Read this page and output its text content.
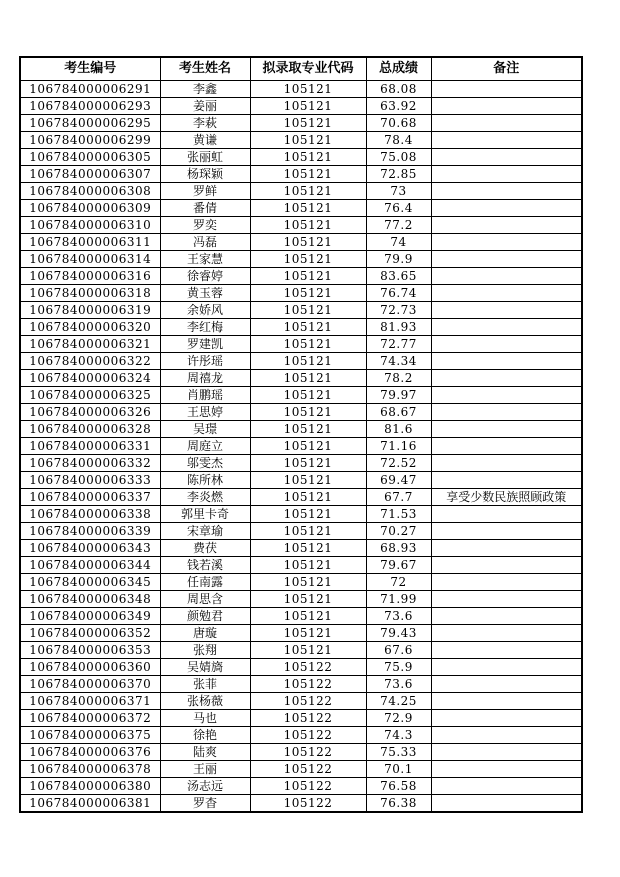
考生编号	考生姓名	拟录取专业代码	总成绩	备注
106784000006291	李鑫	105121	68.08	
106784000006293	姜丽	105121	63.92	
106784000006295	李萩	105121	70.68	
106784000006299	黄谦	105121	78.4	
106784000006305	张丽虹	105121	75.08	
106784000006307	杨琛颖	105121	72.85	
106784000006308	罗鲜	105121	73	
106784000006309	番倩	105121	76.4	
106784000006310	罗奕	105121	77.2	
106784000006311	冯磊	105121	74	
106784000006314	王家慧	105121	79.9	
106784000006316	徐睿婷	105121	83.65	
106784000006318	黄玉蓉	105121	76.74	
106784000006319	余娇风	105121	72.73	
106784000006320	李红梅	105121	81.93	
106784000006321	罗建凯	105121	72.77	
106784000006322	许彤瑶	105121	74.34	
106784000006324	周禧龙	105121	78.2	
106784000006325	肖鹏瑶	105121	79.97	
106784000006326	王思婷	105121	68.67	
106784000006328	吴璟	105121	81.6	
106784000006331	周庭立	105121	71.16	
106784000006332	邬雯杰	105121	72.52	
106784000006333	陈所林	105121	69.47	
106784000006337	李炎燃	105121	67.7	享受少数民族照顾政策
106784000006338	郭里卡奇	105121	71.53	
106784000006339	宋章瑜	105121	70.27	
106784000006343	费茯	105121	68.93	
106784000006344	钱若溪	105121	79.67	
106784000006345	任南露	105121	72	
106784000006348	周思含	105121	71.99	
106784000006349	颜勉君	105121	73.6	
106784000006352	唐璇	105121	79.43	
106784000006353	张翔	105121	67.6	
106784000006360	吴婧旖	105122	75.9	
106784000006370	张菲	105122	73.6	
106784000006371	张杨薇	105122	74.25	
106784000006372	马也	105122	72.9	
106784000006375	徐艳	105122	74.3	
106784000006376	陆爽	105122	75.33	
106784000006378	王丽	105122	70.1	
106784000006380	汤志远	105122	76.58	
106784000006381	罗杳	105122	76.38	
